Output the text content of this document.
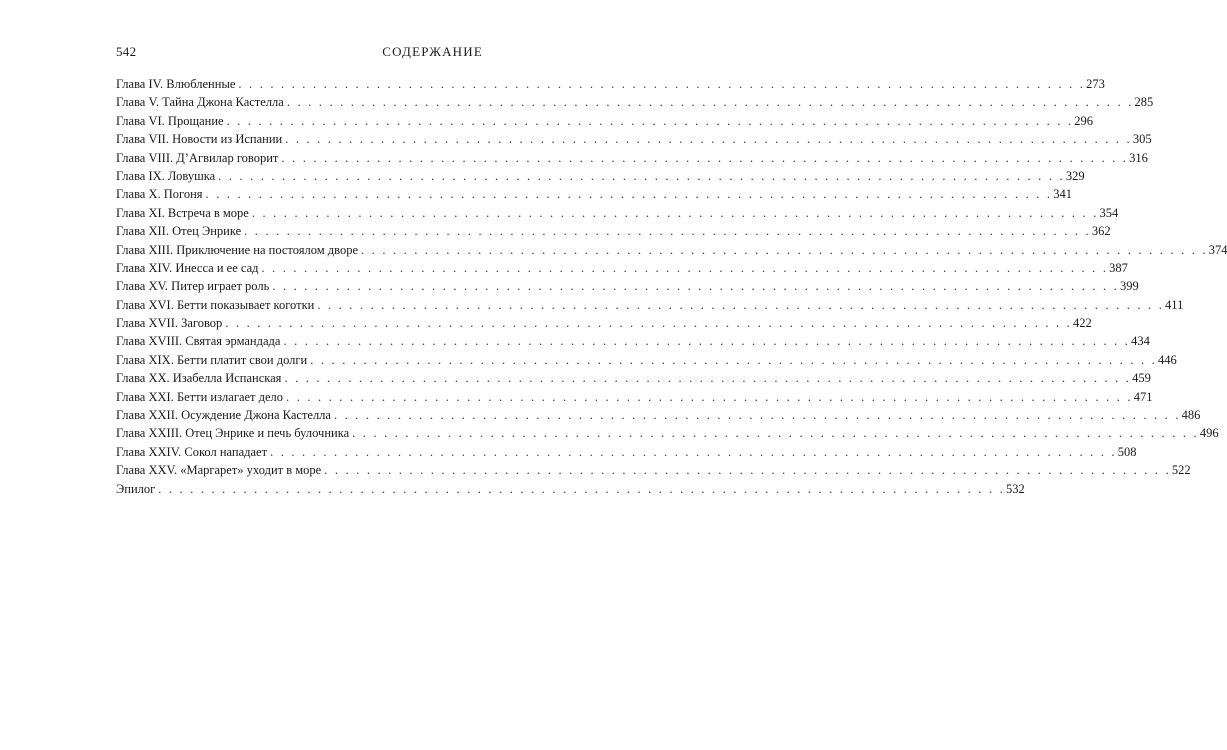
542	СОДЕРЖАНИЕ
Глава IV. Влюбленные . . . . . . . . . . . . . . . . . . . . . . . . . . . . . . . . . . . . . . . . . . . . . . . . . . . . . . . . . . . . . . . . . . . . . . . . . . . . . . . . 273
Глава V. Тайна Джона Кастелла . . . . . . . . . . . . . . . . . . . . . . . . . . . . . . . . . . . . . . . . . . . . . . . . . . . . . . . . . . . . . . . . . . . . . . . . . . . . . . . . 285
Глава VI. Прощание . . . . . . . . . . . . . . . . . . . . . . . . . . . . . . . . . . . . . . . . . . . . . . . . . . . . . . . . . . . . . . . . . . . . . . . . . . . . . . . . 296
Глава VII. Новости из Испании . . . . . . . . . . . . . . . . . . . . . . . . . . . . . . . . . . . . . . . . . . . . . . . . . . . . . . . . . . . . . . . . . . . . . . . . . . . . . . . . 305
Глава VIII. Д’Агвилар говорит . . . . . . . . . . . . . . . . . . . . . . . . . . . . . . . . . . . . . . . . . . . . . . . . . . . . . . . . . . . . . . . . . . . . . . . . . . . . . . . . 316
Глава IX. Ловушка . . . . . . . . . . . . . . . . . . . . . . . . . . . . . . . . . . . . . . . . . . . . . . . . . . . . . . . . . . . . . . . . . . . . . . . . . . . . . . . . 329
Глава X. Погоня . . . . . . . . . . . . . . . . . . . . . . . . . . . . . . . . . . . . . . . . . . . . . . . . . . . . . . . . . . . . . . . . . . . . . . . . . . . . . . . . 341
Глава XI. Встреча в море . . . . . . . . . . . . . . . . . . . . . . . . . . . . . . . . . . . . . . . . . . . . . . . . . . . . . . . . . . . . . . . . . . . . . . . . . . . . . . . . 354
Глава XII. Отец Энрике . . . . . . . . . . . . . . . . . . . . . . . . . . . . . . . . . . . . . . . . . . . . . . . . . . . . . . . . . . . . . . . . . . . . . . . . . . . . . . . . 362
Глава XIII. Приключение на постоялом дворе . . . . . . . . . . . . . . . . . . . . . . . . . . . . . . . . . . . . . . . . . . . . . . . . . . . . . . . . . . . . . . . . . . . . . . . . . . . . . . . . 374
Глава XIV. Инесса и ее сад . . . . . . . . . . . . . . . . . . . . . . . . . . . . . . . . . . . . . . . . . . . . . . . . . . . . . . . . . . . . . . . . . . . . . . . . . . . . . . . . 387
Глава XV. Питер играет роль . . . . . . . . . . . . . . . . . . . . . . . . . . . . . . . . . . . . . . . . . . . . . . . . . . . . . . . . . . . . . . . . . . . . . . . . . . . . . . . . 399
Глава XVI. Бетти показывает коготки . . . . . . . . . . . . . . . . . . . . . . . . . . . . . . . . . . . . . . . . . . . . . . . . . . . . . . . . . . . . . . . . . . . . . . . . . . . . . . . . 411
Глава XVII. Заговор . . . . . . . . . . . . . . . . . . . . . . . . . . . . . . . . . . . . . . . . . . . . . . . . . . . . . . . . . . . . . . . . . . . . . . . . . . . . . . . . 422
Глава XVIII. Святая эрмандада . . . . . . . . . . . . . . . . . . . . . . . . . . . . . . . . . . . . . . . . . . . . . . . . . . . . . . . . . . . . . . . . . . . . . . . . . . . . . . . . 434
Глава XIX. Бетти платит свои долги . . . . . . . . . . . . . . . . . . . . . . . . . . . . . . . . . . . . . . . . . . . . . . . . . . . . . . . . . . . . . . . . . . . . . . . . . . . . . . . . 446
Глава XX. Изабелла Испанская . . . . . . . . . . . . . . . . . . . . . . . . . . . . . . . . . . . . . . . . . . . . . . . . . . . . . . . . . . . . . . . . . . . . . . . . . . . . . . . . 459
Глава XXI. Бетти излагает дело . . . . . . . . . . . . . . . . . . . . . . . . . . . . . . . . . . . . . . . . . . . . . . . . . . . . . . . . . . . . . . . . . . . . . . . . . . . . . . . . 471
Глава XXII. Осуждение Джона Кастелла . . . . . . . . . . . . . . . . . . . . . . . . . . . . . . . . . . . . . . . . . . . . . . . . . . . . . . . . . . . . . . . . . . . . . . . . . . . . . . . . 486
Глава XXIII. Отец Энрике и печь булочника . . . . . . . . . . . . . . . . . . . . . . . . . . . . . . . . . . . . . . . . . . . . . . . . . . . . . . . . . . . . . . . . . . . . . . . . . . . . . . . . 496
Глава XXIV. Сокол нападает . . . . . . . . . . . . . . . . . . . . . . . . . . . . . . . . . . . . . . . . . . . . . . . . . . . . . . . . . . . . . . . . . . . . . . . . . . . . . . . . 508
Глава XXV. «Маргарет» уходит в море . . . . . . . . . . . . . . . . . . . . . . . . . . . . . . . . . . . . . . . . . . . . . . . . . . . . . . . . . . . . . . . . . . . . . . . . . . . . . . . . 522
Эпилог . . . . . . . . . . . . . . . . . . . . . . . . . . . . . . . . . . . . . . . . . . . . . . . . . . . . . . . . . . . . . . . . . . . . . . . . . . . . . . . . 532
